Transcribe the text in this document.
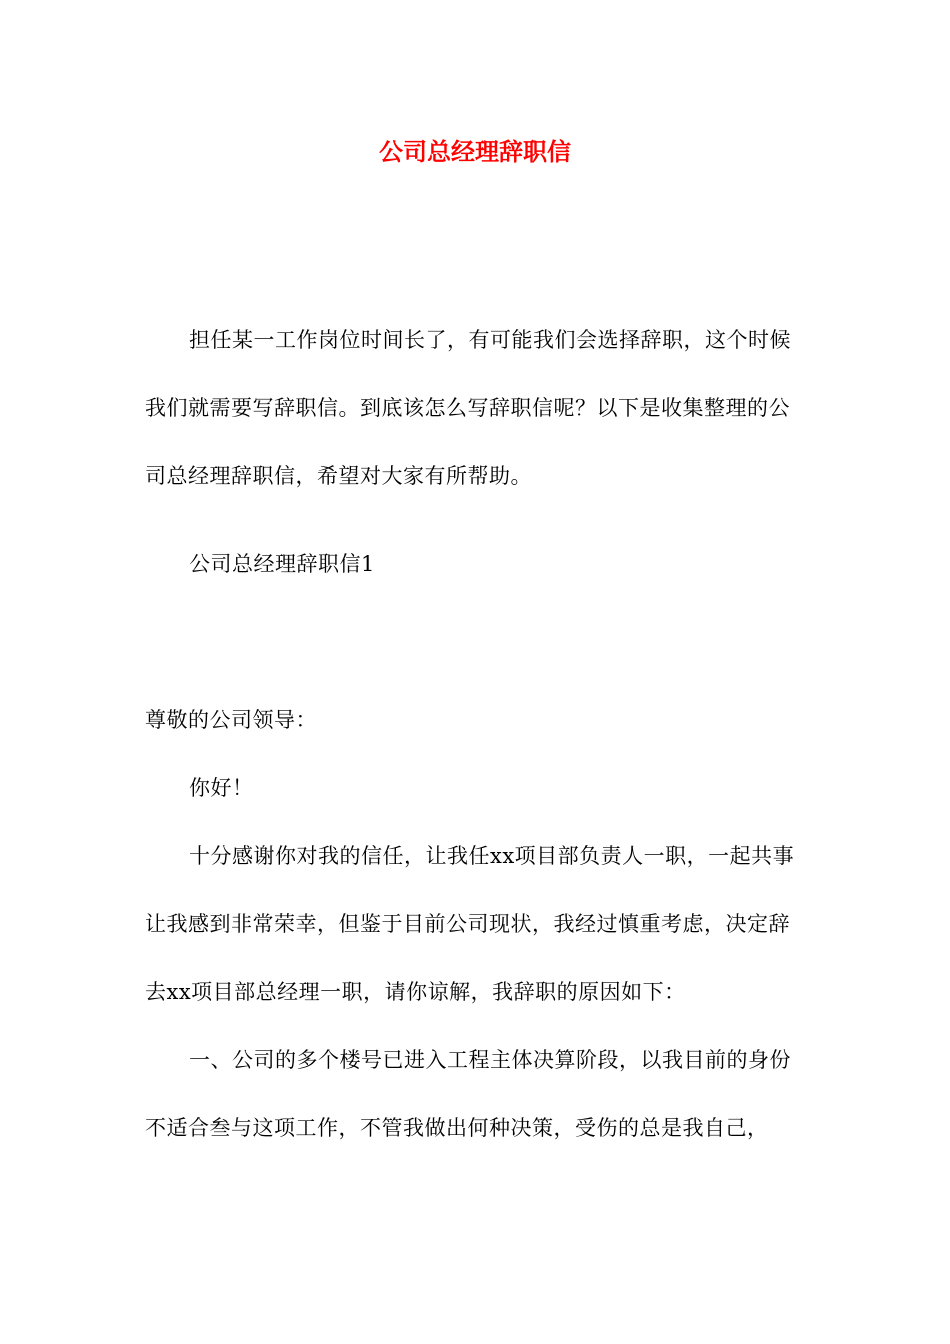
公司总经理辞职信

担任某一工作岗位时间长了，有可能我们会选择辞职，这个时候我们就需要写辞职信。到底该怎么写辞职信呢？以下是收集整理的公司总经理辞职信，希望对大家有所帮助。

公司总经理辞职信1

尊敬的公司领导：

你好！

十分感谢你对我的信任，让我任xx项目部负责人一职，一起共事让我感到非常荣幸，但鉴于目前公司现状，我经过慎重考虑，决定辞去xx项目部总经理一职，请你谅解，我辞职的原因如下：

一、公司的多个楼号已进入工程主体决算阶段，以我目前的身份不适合叁与这项工作，不管我做出何种决策，受伤的总是我自己，
